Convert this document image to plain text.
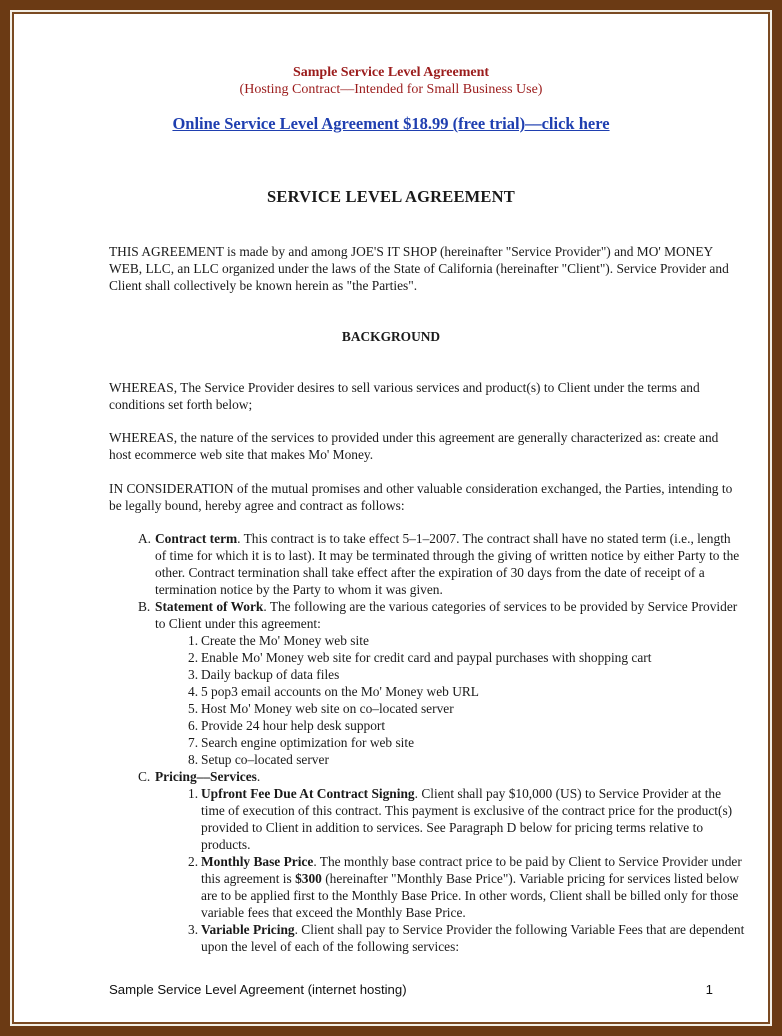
Sample Service Level Agreement
(Hosting Contract––Intended for Small Business Use)
Online Service Level Agreement $18.99 (free trial)––click here
SERVICE LEVEL AGREEMENT
THIS AGREEMENT is made by and among JOE'S IT SHOP (hereinafter "Service Provider") and MO' MONEY WEB, LLC, an LLC organized under the laws of the State of California (hereinafter "Client"). Service Provider and Client shall collectively be known herein as "the Parties".
BACKGROUND
WHEREAS, The Service Provider desires to sell various services and product(s) to Client under the terms and conditions set forth below;
WHEREAS, the nature of the services to provided under this agreement are generally characterized as: create and host ecommerce web site that makes Mo' Money.
IN CONSIDERATION of the mutual promises and other valuable consideration exchanged, the Parties, intending to be legally bound, hereby agree and contract as follows:
A. Contract term. This contract is to take effect 5–1–2007. The contract shall have no stated term (i.e., length of time for which it is to last). It may be terminated through the giving of written notice by either Party to the other. Contract termination shall take effect after the expiration of 30 days from the date of receipt of a termination notice by the Party to whom it was given.
B. Statement of Work. The following are the various categories of services to be provided by Service Provider to Client under this agreement:
1. Create the Mo' Money web site
2. Enable Mo' Money web site for credit card and paypal purchases with shopping cart
3. Daily backup of data files
4. 5 pop3 email accounts on the Mo' Money web URL
5. Host Mo' Money web site on co–located server
6. Provide 24 hour help desk support
7. Search engine optimization for web site
8. Setup co–located server
C. Pricing––Services.
1. Upfront Fee Due At Contract Signing. Client shall pay $10,000 (US) to Service Provider at the time of execution of this contract. This payment is exclusive of the contract price for the product(s) provided to Client in addition to services. See Paragraph D below for pricing terms relative to products.
2. Monthly Base Price. The monthly base contract price to be paid by Client to Service Provider under this agreement is $300 (hereinafter "Monthly Base Price"). Variable pricing for services listed below are to be applied first to the Monthly Base Price. In other words, Client shall be billed only for those variable fees that exceed the Monthly Base Price.
3. Variable Pricing. Client shall pay to Service Provider the following Variable Fees that are dependent upon the level of each of the following services:
Sample Service Level Agreement (internet hosting)	1
